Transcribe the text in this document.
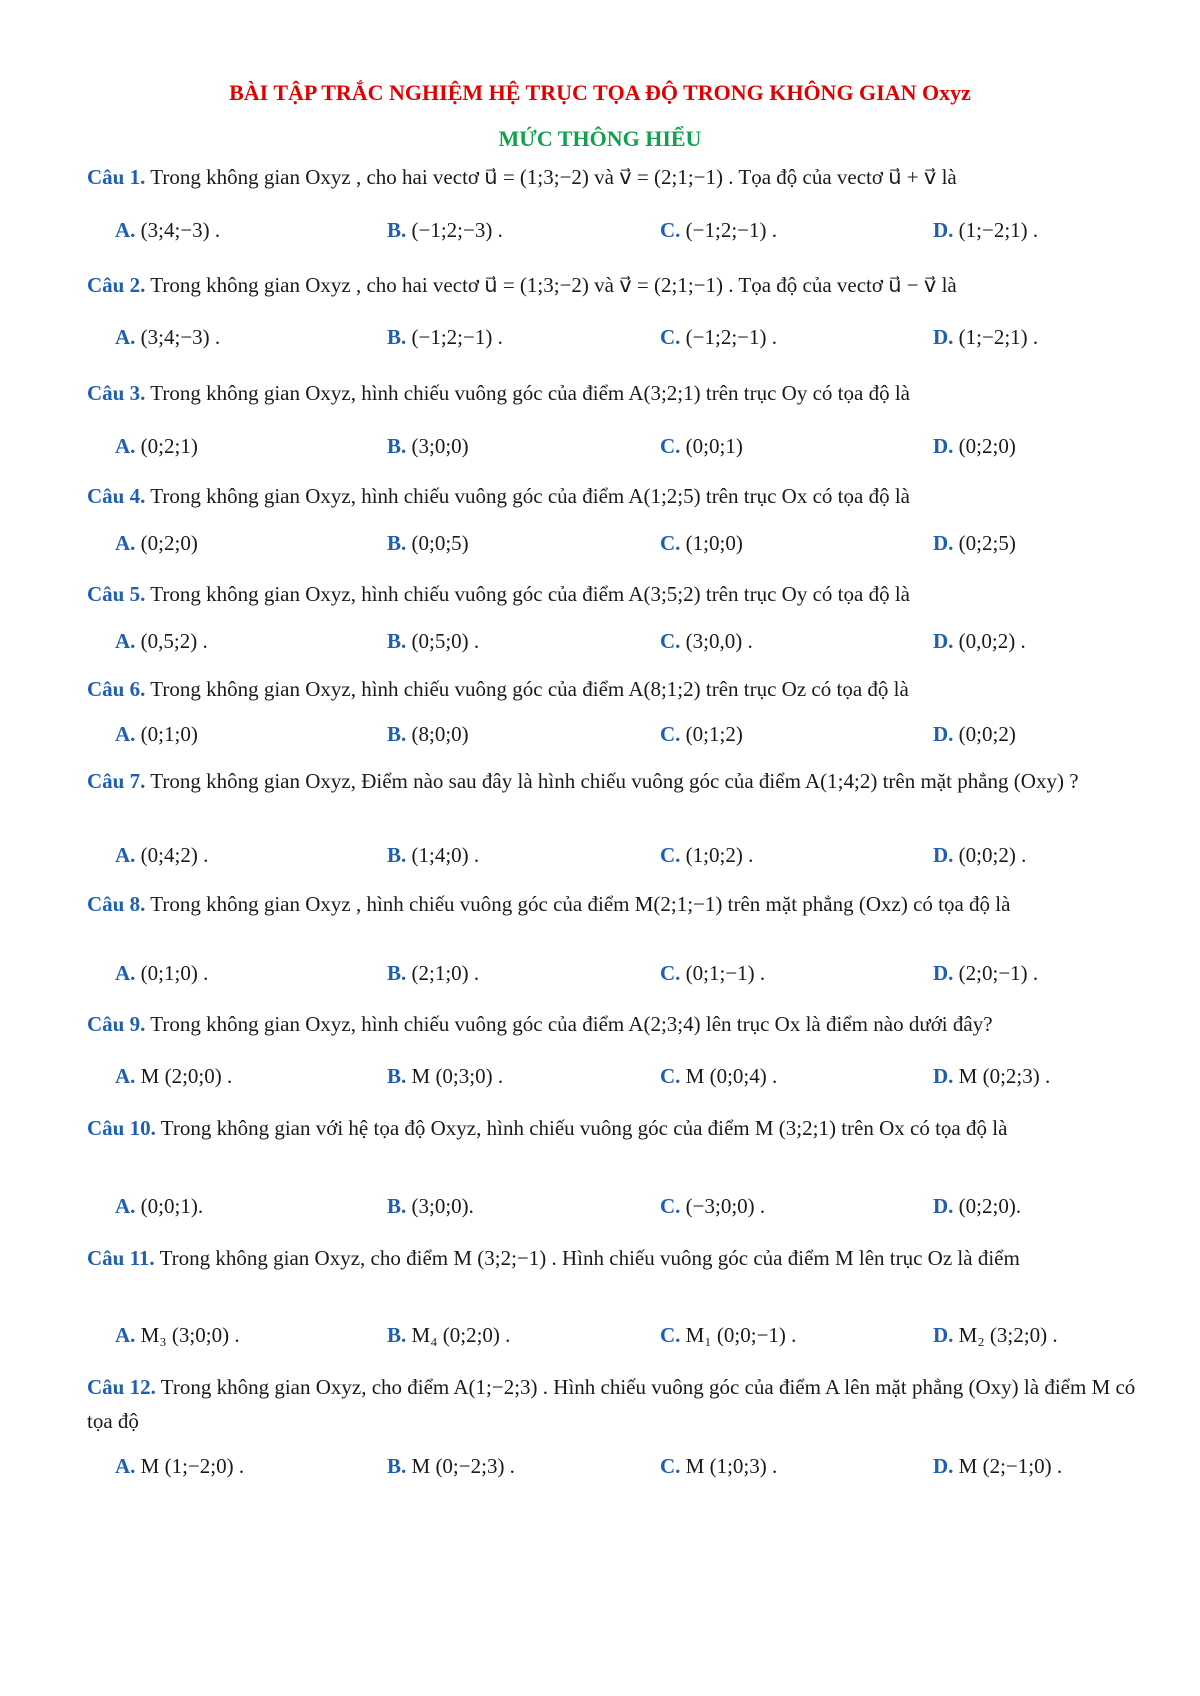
BÀI TẬP TRẮC NGHIỆM HỆ TRỤC TỌA ĐỘ TRONG KHÔNG GIAN Oxyz
MỨC THÔNG HIỂU
Câu 1. Trong không gian Oxyz , cho hai vectơ u⃗ = (1;3;−2) và v⃗ = (2;1;−1) . Tọa độ của vectơ u⃗ + v⃗ là
A. (3;4;−3) .	B. (−1;2;−3) .	C. (−1;2;−1) .	D. (1;−2;1) .
Câu 2. Trong không gian Oxyz , cho hai vectơ u⃗ = (1;3;−2) và v⃗ = (2;1;−1) . Tọa độ của vectơ u⃗ − v⃗ là
A. (3;4;−3) .	B. (−1;2;−1) .	C. (−1;2;−1) .	D. (1;−2;1) .
Câu 3. Trong không gian Oxyz, hình chiếu vuông góc của điểm A(3;2;1) trên trục Oy có tọa độ là
A. (0;2;1)	B. (3;0;0)	C. (0;0;1)	D. (0;2;0)
Câu 4. Trong không gian Oxyz, hình chiếu vuông góc của điểm A(1;2;5) trên trục Ox có tọa độ là
A. (0;2;0)	B. (0;0;5)	C. (1;0;0)	D. (0;2;5)
Câu 5. Trong không gian Oxyz, hình chiếu vuông góc của điểm A(3;5;2) trên trục Oy có tọa độ là
A. (0,5;2) .	B. (0;5;0) .	C. (3;0,0) .	D. (0,0;2) .
Câu 6. Trong không gian Oxyz, hình chiếu vuông góc của điểm A(8;1;2) trên trục Oz có tọa độ là
A. (0;1;0)	B. (8;0;0)	C. (0;1;2)	D. (0;0;2)
Câu 7. Trong không gian Oxyz, Điểm nào sau đây là hình chiếu vuông góc của điểm A(1;4;2) trên mặt phẳng (Oxy) ?
A. (0;4;2) .	B. (1;4;0) .	C. (1;0;2) .	D. (0;0;2) .
Câu 8. Trong không gian Oxyz , hình chiếu vuông góc của điểm M(2;1;−1) trên mặt phẳng (Oxz) có tọa độ là
A. (0;1;0) .	B. (2;1;0) .	C. (0;1;−1) .	D. (2;0;−1) .
Câu 9. Trong không gian Oxyz, hình chiếu vuông góc của điểm A(2;3;4) lên trục Ox là điểm nào dưới đây?
A. M (2;0;0) .	B. M (0;3;0) .	C. M (0;0;4) .	D. M (0;2;3) .
Câu 10. Trong không gian với hệ tọa độ Oxyz, hình chiếu vuông góc của điểm M (3;2;1) trên Ox có tọa độ là
A. (0;0;1).	B. (3;0;0).	C. (−3;0;0) .	D. (0;2;0).
Câu 11. Trong không gian Oxyz, cho điểm M (3;2;−1) . Hình chiếu vuông góc của điểm M lên trục Oz là điểm
A. M₃ (3;0;0) .	B. M₄ (0;2;0) .	C. M₁ (0;0;−1) .	D. M₂ (3;2;0) .
Câu 12. Trong không gian Oxyz, cho điểm A(1;−2;3) . Hình chiếu vuông góc của điểm A lên mặt phẳng (Oxy) là điểm M có tọa độ
A. M (1;−2;0) .	B. M (0;−2;3) .	C. M (1;0;3) .	D. M (2;−1;0) .
